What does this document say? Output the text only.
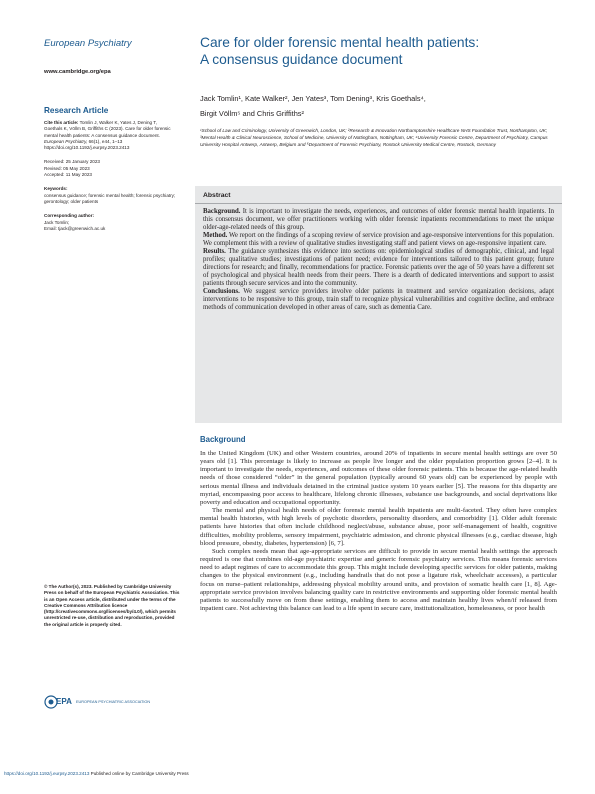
European Psychiatry
www.cambridge.org/epa
Research Article
Cite this article: Tomlin J, Walker K, Yates J, Dening T, Goethals K, Völlm B, Griffiths C (2023). Care for older forensic mental health patients: A consensus guidance document. European Psychiatry, 66(1), e44, 1–13
https://doi.org/10.1192/j.eurpsy.2023.2413
Received: 25 January 2023
Revised: 05 May 2023
Accepted: 11 May 2023
Keywords:
consensus guidance; forensic mental health; forensic psychiatry; gerontology; older patients
Corresponding author:
Jack Tomlin;
Email: tjack@greenwich.ac.uk
© The Author(s), 2023. Published by Cambridge University Press on behalf of the European Psychiatric Association. This is an Open Access article, distributed under the terms of the Creative Commons Attribution licence (http://creativecommons.org/licenses/by/4.0/), which permits unrestricted re-use, distribution and reproduction, provided the original article is properly cited.
EPA EUROPEAN PSYCHIATRIC ASSOCIATION
Care for older forensic mental health patients:
A consensus guidance document
Jack Tomlin¹, Kate Walker², Jen Yates³, Tom Dening³, Kris Goethals⁴,
Birgit Völlm⁵ and Chris Griffiths²
¹School of Law and Criminology, University of Greenwich, London, UK; ²Research & Innovation Northamptonshire Healthcare NHS Foundation Trust, Northampton, UK; ³Mental Health & Clinical Neuroscience, School of Medicine, University of Nottingham, Nottingham, UK; ⁴University Forensic Centre, Department of Psychiatry, Campus University Hospital Antwerp, Antwerp, Belgium and ⁵Department of Forensic Psychiatry, Rostock University Medical Centre, Rostock, Germany
Abstract

Background. It is important to investigate the needs, experiences, and outcomes of older forensic mental health inpatients. In this consensus document, we offer practitioners working with older forensic inpatients recommendations to meet the unique older-age-related needs of this group.

Method. We report on the findings of a scoping review of service provision and age-responsive interventions for this population. We complement this with a review of qualitative studies investigating staff and patient views on age-responsive inpatient care.

Results. The guidance synthesizes this evidence into sections on: epidemiological studies of demographic, clinical, and legal profiles; qualitative studies; investigations of patient need; evidence for interventions tailored to this patient group; future directions for research; and finally, recommendations for practice. Forensic patients over the age of 50 years have a different set of psychological and physical health needs from their peers. There is a dearth of dedicated interventions and support to assist patients through secure services and into the community.

Conclusions. We suggest service providers involve older patients in treatment and service organization decisions, adapt interventions to be responsive to this group, train staff to recognize physical vulnerabilities and cognitive decline, and embrace methods of communication developed in other areas of care, such as dementia Care.

Background

In the United Kingdom (UK) and other Western countries, around 20% of inpatients in secure mental health settings are over 50 years old [1]. This percentage is likely to increase as people live longer and the older population proportion grows [2–4]. It is important to investigate the needs, experiences, and outcomes of these older forensic patients. This is because the age-related health needs of those considered “older” in the general population (typically around 60 years old) can be experienced by people with serious mental illness and individuals detained in the criminal justice system 10 years earlier [5]. The reasons for this disparity are myriad, encompassing poor access to healthcare, lifelong chronic illnesses, substance use backgrounds, and social deprivations like poverty and education and occupational opportunity.

The mental and physical health needs of older forensic mental health inpatients are multi-faceted. They often have complex mental health histories, with high levels of psychotic disorders, personality disorders, and comorbidity [1]. Older adult forensic patients have histories that often include childhood neglect/abuse, substance abuse, poor self-management of health, cognitive difficulties, mobility problems, sensory impairment, psychiatric admission, and chronic physical illnesses (e.g., cardiac disease, high blood pressure, obesity, diabetes, hypertension) [6, 7].

Such complex needs mean that age-appropriate services are difficult to provide in secure mental health settings the approach required is one that combines old-age psychiatric expertise and generic forensic psychiatry services. This means forensic services need to adapt regimes of care to accommodate this group. This might include developing specific services for older patients, making changes to the physical environment (e.g., including handrails that do not pose a ligature risk, wheelchair accesses), a particular focus on nurse–patient relationships, addressing physical mobility around units, and provision of somatic health care [1, 8]. Age-appropriate service provision involves balancing quality care in restrictive environments and supporting older forensic mental health patients to successfully move on from these settings, enabling them to access and maintain healthy lives when/if released from inpatient care. Not achieving this balance can lead to a life spent in secure care, institutionalization, homelessness, or poor health

https://doi.org/10.1192/j.eurpsy.2023.2413 Published online by Cambridge University Press
